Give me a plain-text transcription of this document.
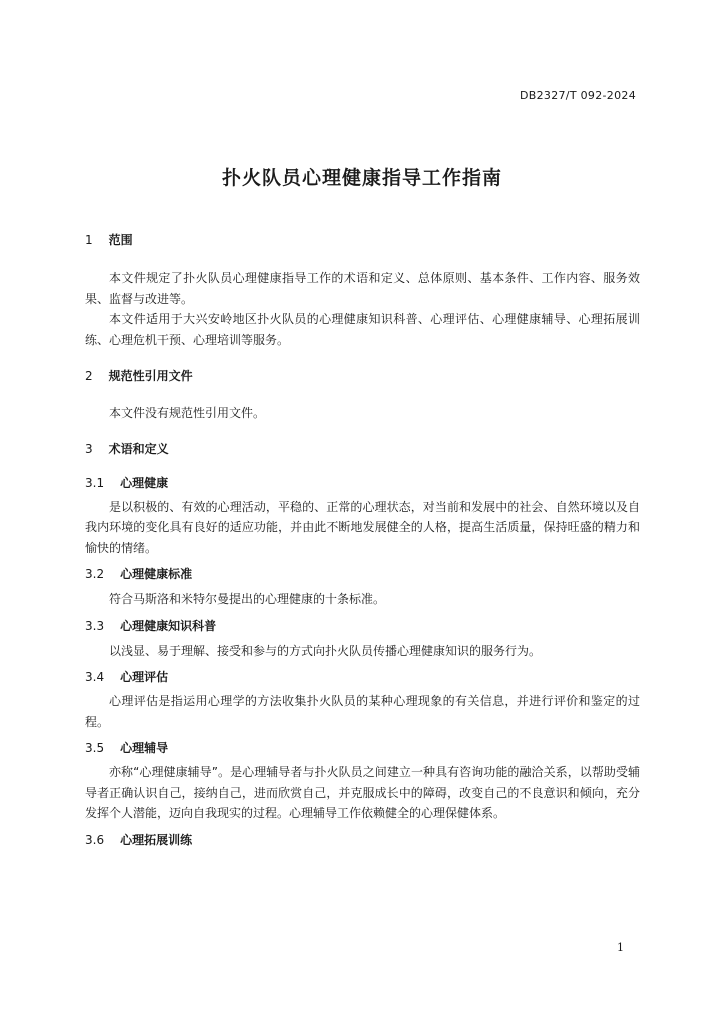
DB2327/T 092-2024
扑火队员心理健康指导工作指南
1 范围
本文件规定了扑火队员心理健康指导工作的术语和定义、总体原则、基本条件、工作内容、服务效果、监督与改进等。
本文件适用于大兴安岭地区扑火队员的心理健康知识科普、心理评估、心理健康辅导、心理拓展训练、心理危机干预、心理培训等服务。
2 规范性引用文件
本文件没有规范性引用文件。
3 术语和定义
3.1 心理健康
是以积极的、有效的心理活动，平稳的、正常的心理状态，对当前和发展中的社会、自然环境以及自我内环境的变化具有良好的适应功能，并由此不断地发展健全的人格，提高生活质量，保持旺盛的精力和愉快的情绪。
3.2 心理健康标准
符合马斯洛和米特尔曼提出的心理健康的十条标准。
3.3 心理健康知识科普
以浅显、易于理解、接受和参与的方式向扑火队员传播心理健康知识的服务行为。
3.4 心理评估
心理评估是指运用心理学的方法收集扑火队员的某种心理现象的有关信息，并进行评价和鉴定的过程。
3.5 心理辅导
亦称“心理健康辅导”。是心理辅导者与扑火队员之间建立一种具有咨询功能的融洽关系，以帮助受辅导者正确认识自己，接纳自己，进而欣赏自己，并克服成长中的障碍，改变自己的不良意识和倾向，充分发挥个人潜能，迈向自我现实的过程。心理辅导工作依赖健全的心理保健体系。
3.6 心理拓展训练
1
